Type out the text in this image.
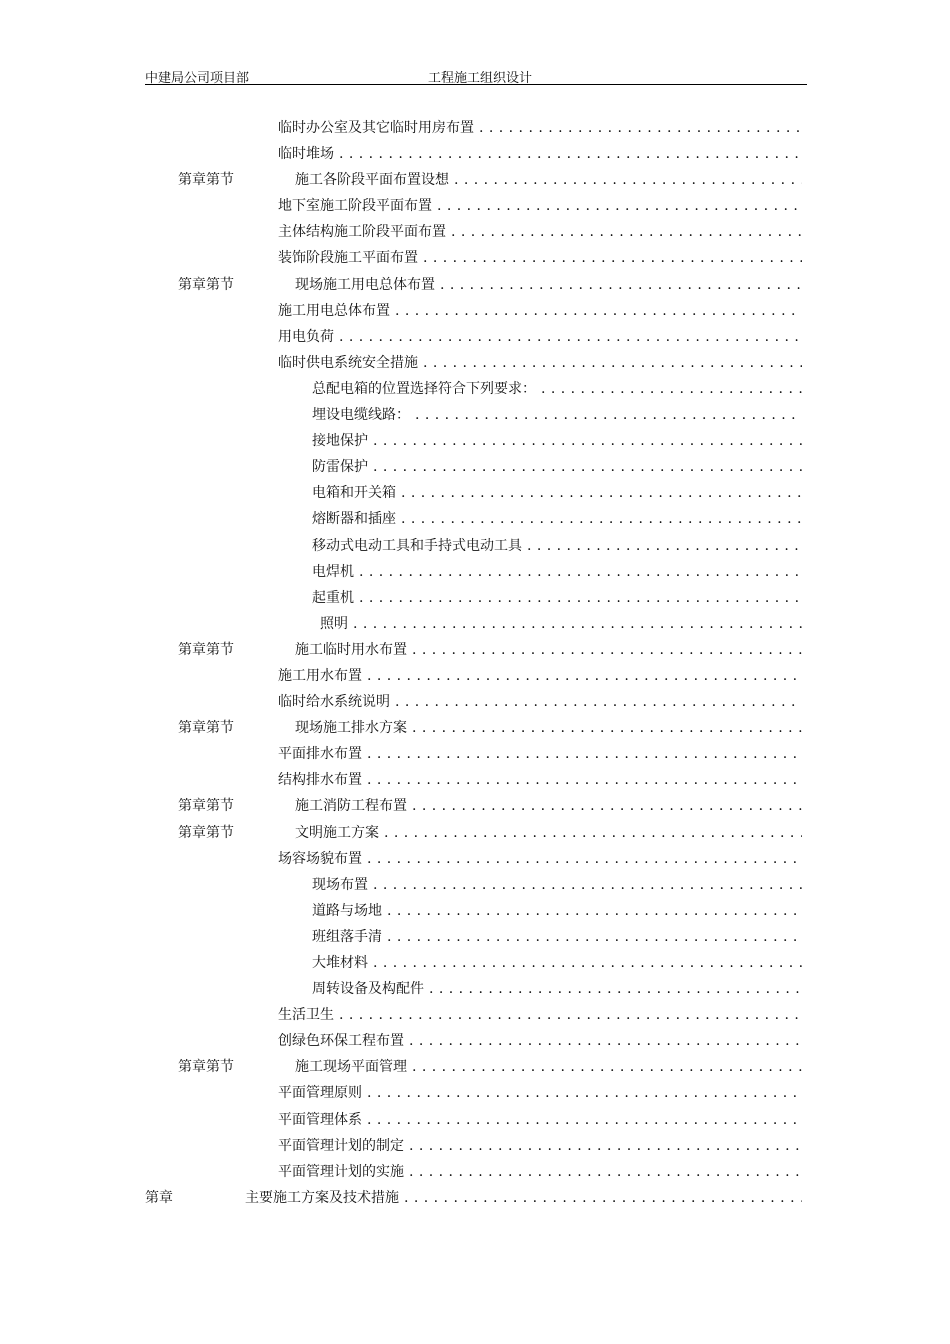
中建局公司项目部	工程施工组织设计
临时办公室及其它临时用房布置 . . .
临时堆场 . . .
第章第节	施工各阶段平面布置设想 . . .
地下室施工阶段平面布置 . . .
主体结构施工阶段平面布置 . . .
装饰阶段施工平面布置 . . .
第章第节	现场施工用电总体布置 . . .
施工用电总体布置 . . .
用电负荷 . . .
临时供电系统安全措施 . . .
总配电箱的位置选择符合下列要求： . . .
埋设电缆线路： . . .
接地保护 . . .
防雷保护 . . .
电箱和开关箱 . . .
熔断器和插座 . . .
移动式电动工具和手持式电动工具 . . .
电焊机 . . .
起重机 . . .
照明 . . .
第章第节	施工临时用水布置 . . .
施工用水布置 . . .
临时给水系统说明 . . .
第章第节	现场施工排水方案 . . .
平面排水布置 . . .
结构排水布置 . . .
第章第节	施工消防工程布置 . . .
第章第节	文明施工方案 . . .
场容场貌布置 . . .
现场布置 . . .
道路与场地 . . .
班组落手清 . . .
大堆材料 . . .
周转设备及构配件 . . .
生活卫生 . . .
创绿色环保工程布置 . . .
第章第节	施工现场平面管理 . . .
平面管理原则 . . .
平面管理体系 . . .
平面管理计划的制定 . . .
平面管理计划的实施 . . .
第章	主要施工方案及技术措施 . . .
